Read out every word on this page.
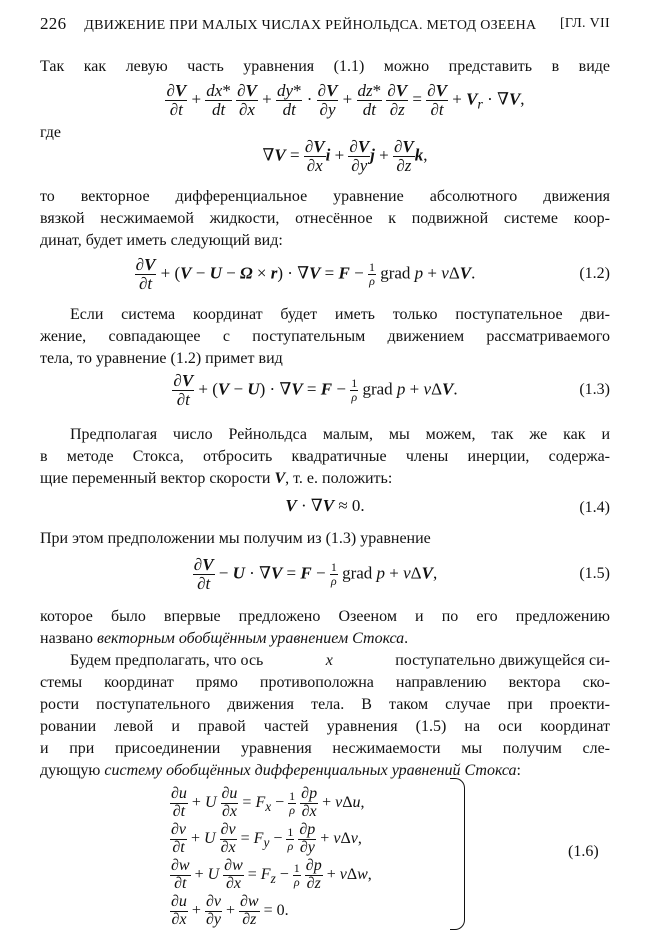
226 ДВИЖЕНИЕ ПРИ МАЛЫХ ЧИСЛАХ РЕЙНОЛЬДСА. МЕТОД ОЗЕЕНА [ГЛ. VII
Так как левую часть уравнения (1.1) можно представить в виде
$\frac{\partial V}{\partial t} + \frac{dx*}{dt}$
$\frac{\partial V}{\partial x} + \frac{dy*}{dt} \cdot \frac{\partial V}{\partial y} + \frac{dz*}{dt}$
$\frac{\partial V}{\partial z} = \frac{\partial V}{\partial t} + V_r \cdot \nabla V$,
где
$\nabla V = \frac{\partial V}{\partial x}$ $i + \frac{\partial V}{\partial y}$ $j + \frac{\partial V}{\partial z} k$,
то векторное дифференциальное уравнение абсолютного движения
вязкой несжимаемой жидкости, отнесённое к подвижной системе коор-
динат, будет иметь следующий вид:
$\frac{\partial V}{\partial t} + (V - U - \Omega \times r) \cdot \nabla V = F - \frac{1}{\rho}$ grad p + νΔV.	(1.2)
Если система координат будет иметь только поступательное дви-
жение, совпадающее с поступательным движением рассматриваемого
тела, то уравнение (1.2) примет вид
$\frac{\partial V}{\partial t} + (V - U) \cdot \nabla V = F - \frac{1}{\rho}$ grad p + νΔV.	(1.3)
Предполагая число Рейнольдса малым, мы можем, так же как и
в методе Стокса, отбросить квадратичные члены инерции, содержа-
щие переменный вектор скорости V, т. е. положить:
V · ∇V ≈ 0.	(1.4)
При этом предположении мы получим из (1.3) уравнение
$\frac{\partial V}{\partial t} - U \cdot \nabla V = F - \frac{1}{\rho}$ grad p + νΔV,	(1.5)
которое было впервые предложено Озееном и по его предложению
названо векторным обобщённым уравнением Стокса.
Будем предполагать, что ось	x	поступательно движущейся си-
стемы координат прямо противоположна направлению вектора ско-
рости поступательного движения тела. В таком случае при проекти-
ровании левой и правой частей уравнения (1.5) на оси координат
и при присоединении уравнения несжимаемости мы получим сле-
дующую систему обобщённых дифференциальных уравнений Стокса:
$\frac{\partial u}{\partial t} + U \frac{\partial u}{\partial x} = F_x - \frac{1}{\rho}$
$\frac{\partial p}{\partial x} + \nu\Delta u$,
$\frac{\partial v}{\partial t} + U \frac{\partial v}{\partial x} = F_y - \frac{1}{\rho}$
$\frac{\partial p}{\partial y} + \nu\Delta v$,
$\frac{\partial w}{\partial t} + U \frac{\partial w}{\partial x} = F_z - \frac{1}{\rho}$
$\frac{\partial p}{\partial z} + \nu\Delta w$,
$\frac{\partial u}{\partial x} + \frac{\partial v}{\partial y} + \frac{\partial w}{\partial z} = 0$.
(1.6)
